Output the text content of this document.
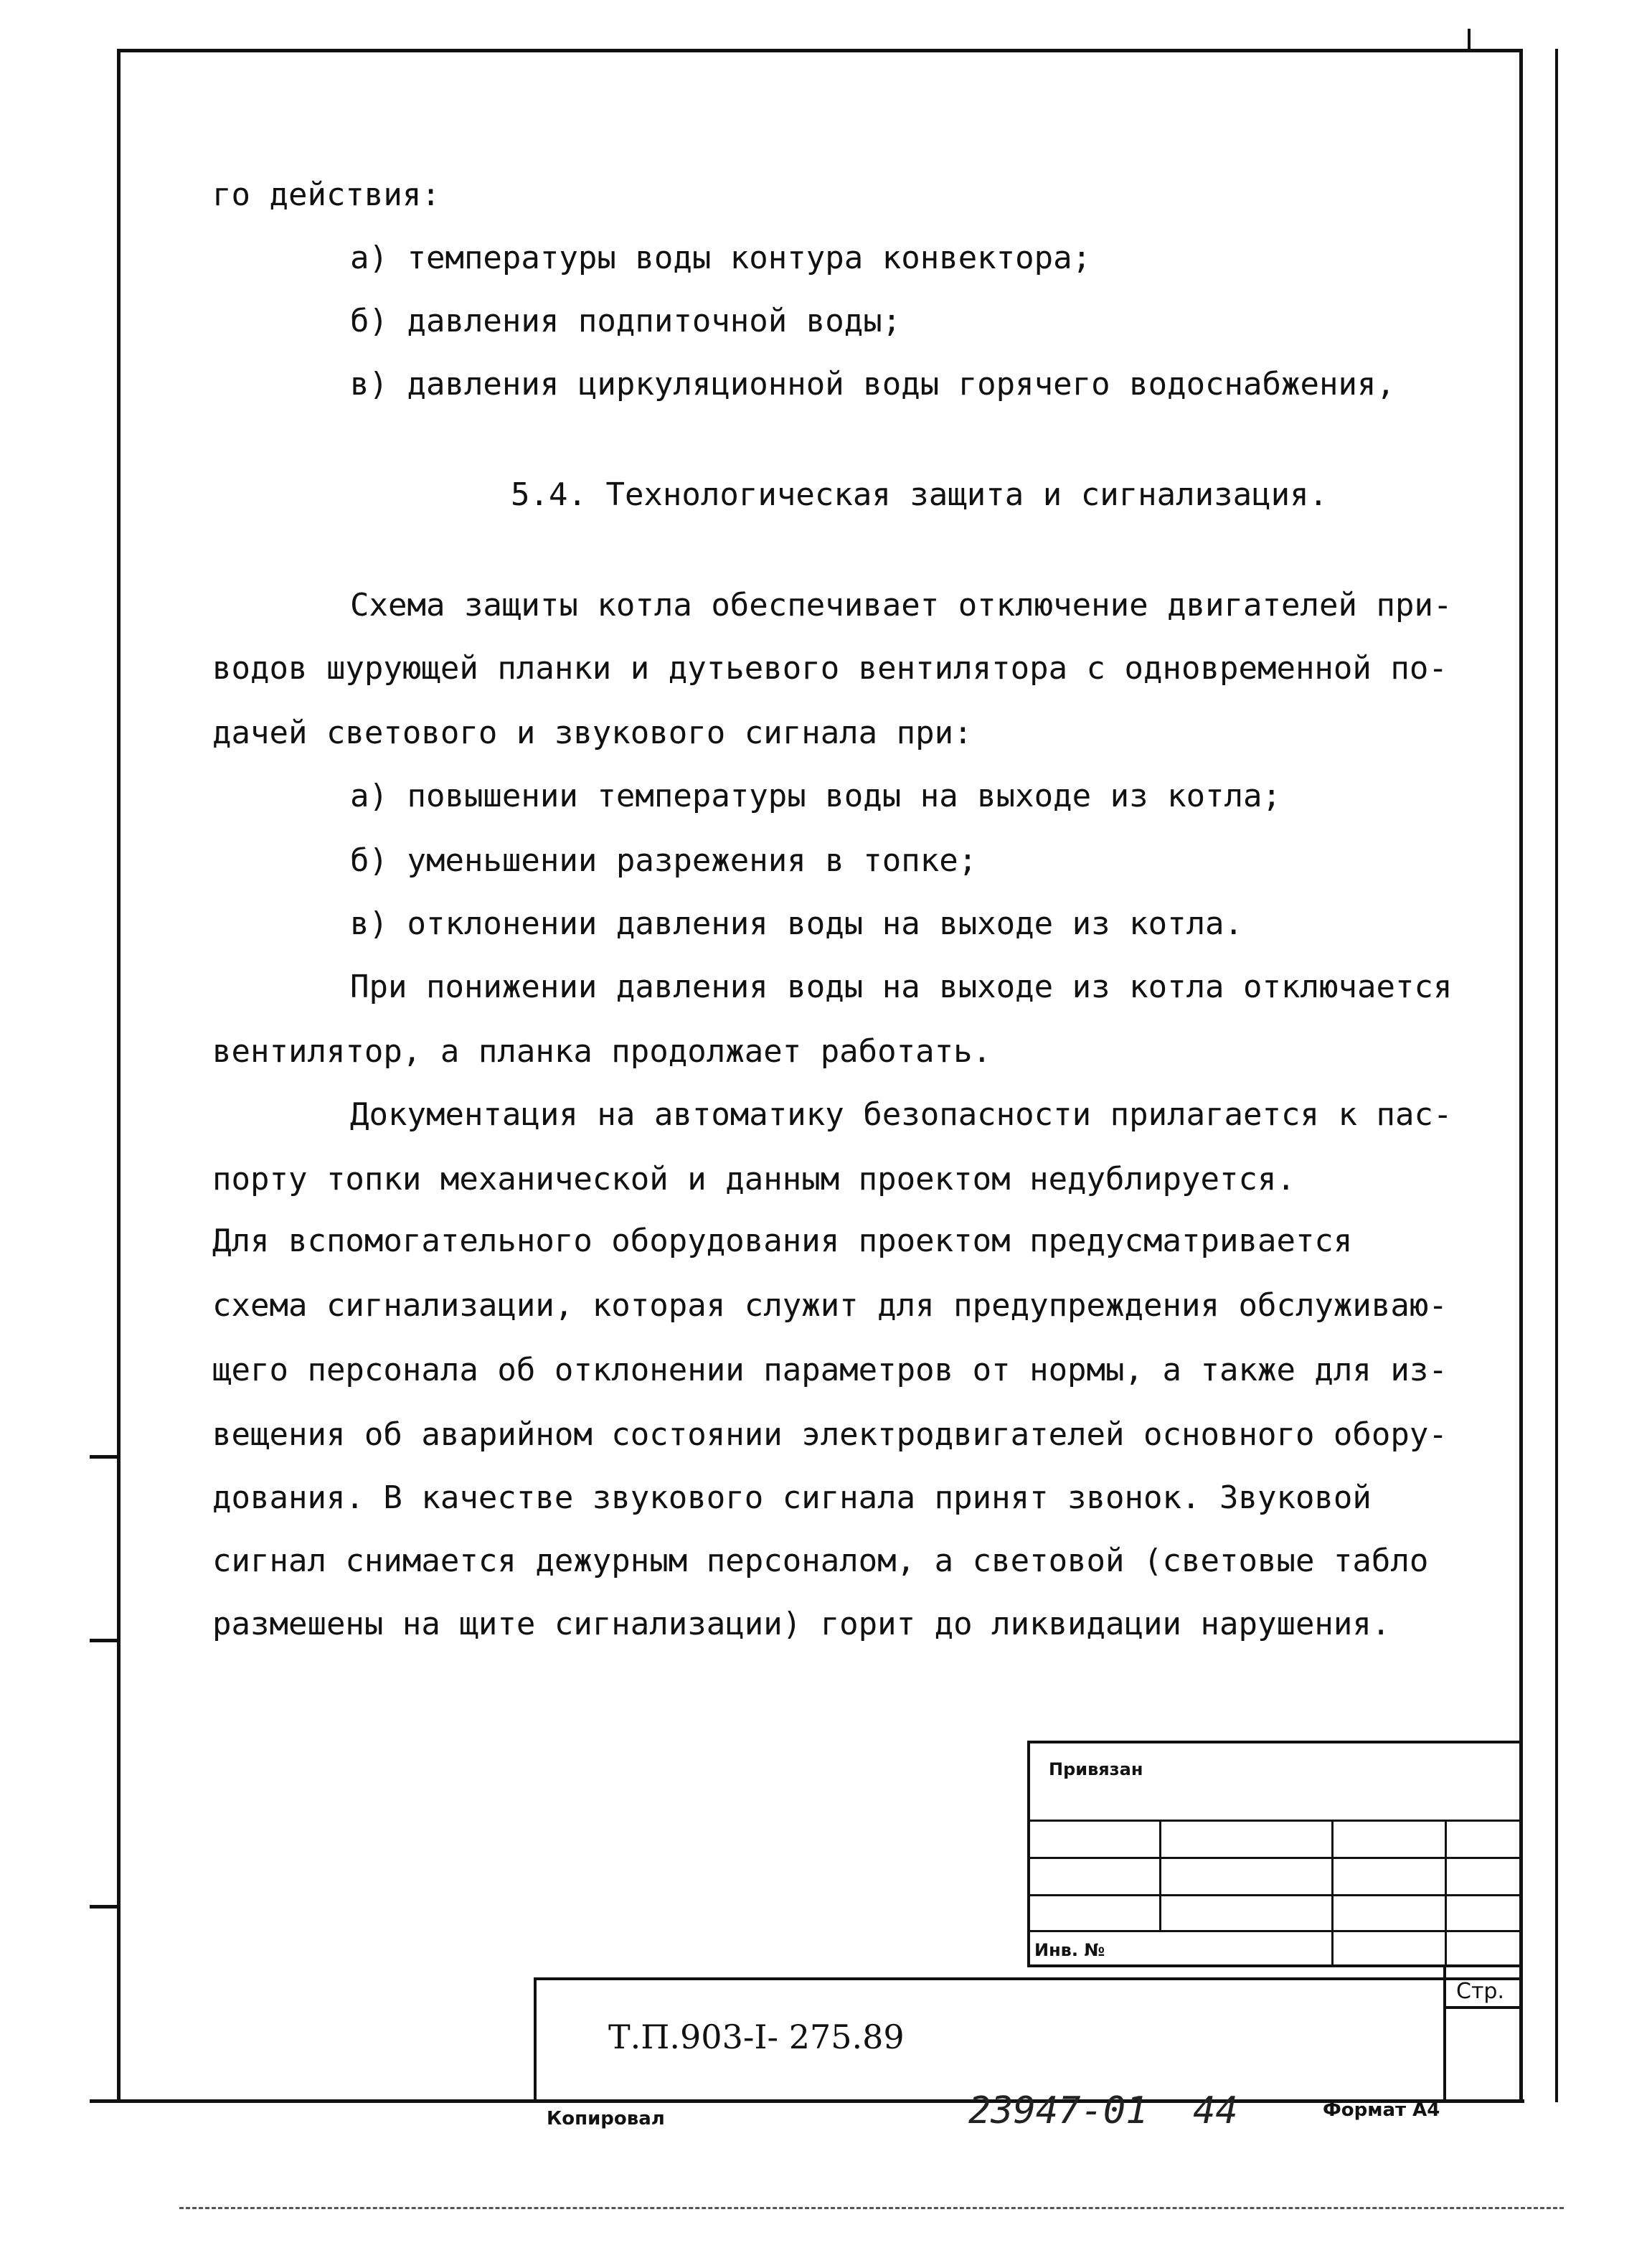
го действия:
а) температуры воды контура конвектора;
б) давления подпиточной воды;
в) давления циркуляционной воды горячего водоснабжения,
5.4. Технологическая защита и сигнализация.
Схема защиты котла обеспечивает отключение двигателей при-
водов шурующей планки и дутьевого вентилятора с одновременной по-
дачей светового и звукового сигнала при:
а) повышении температуры воды на выходе из котла;
б) уменьшении разрежения в топке;
в) отклонении давления воды на выходе из котла.
При понижении давления воды на выходе из котла отключается
вентилятор, а планка продолжает работать.
Документация на автоматику безопасности прилагается к пас-
порту топки механической и данным проектом недублируется.
Для вспомогательного оборудования проектом предусматривается
схема сигнализации, которая служит для предупреждения обслуживаю-
щего персонала об отклонении параметров от нормы, а также для из-
вещения об аварийном состоянии электродвигателей основного обору-
дования. В качестве звукового сигнала принят звонок. Звуковой
сигнал снимается дежурным персоналом, а световой (световые табло
размешены на щите сигнализации) горит до ликвидации нарушения.
Привязан
Инв. №
Стр.
Т.П.903-I- 275.89
Копировал	23947-01  44	Формат А4
